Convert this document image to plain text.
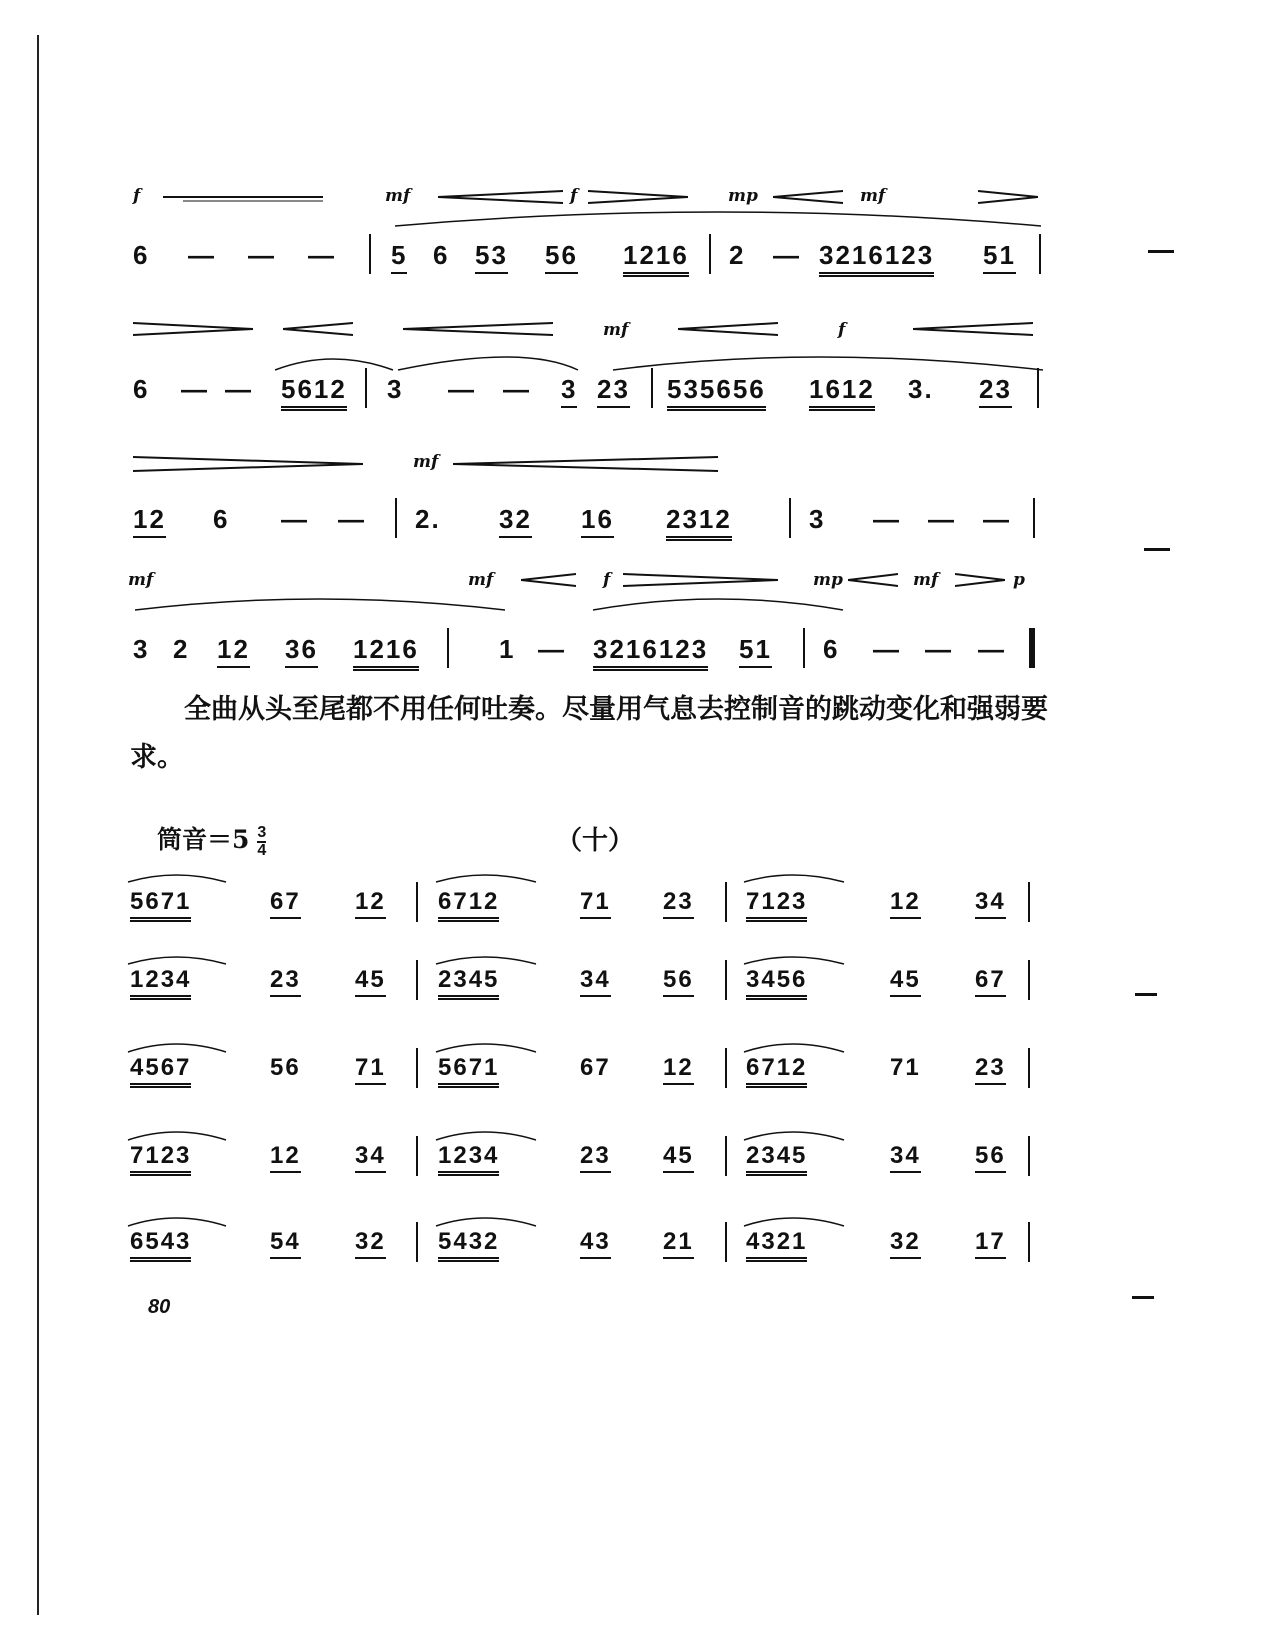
f	mf	f	mp	mf
6 — — — 5 6 53 56 1216 2 — 3216123 51
mf	f
6 — — 5612 3 — — 3 23 535656 1612 3. 23
mf
12 6 — — 2. 32 16 2312	3 — — —
mf	mf	f	mp	mf	p
3 2 12 36 1216	1 — 3216123 51 6 — — —
全曲从头至尾都不用任何吐奏。尽量用气息去控制音的跳动变化和强弱要求。
筒音$=5 \frac{3}{4}$	（十）
5671	67 12 6712	71 23 7123	12 34
1234	23 45 2345	34 56 3456	45 67
4567	56 71 5671	67 12 6712	71 23
7123	12 34 1234	23 45 2345	34 56
6543	54 32 5432	43 21 4321	32 17
80
